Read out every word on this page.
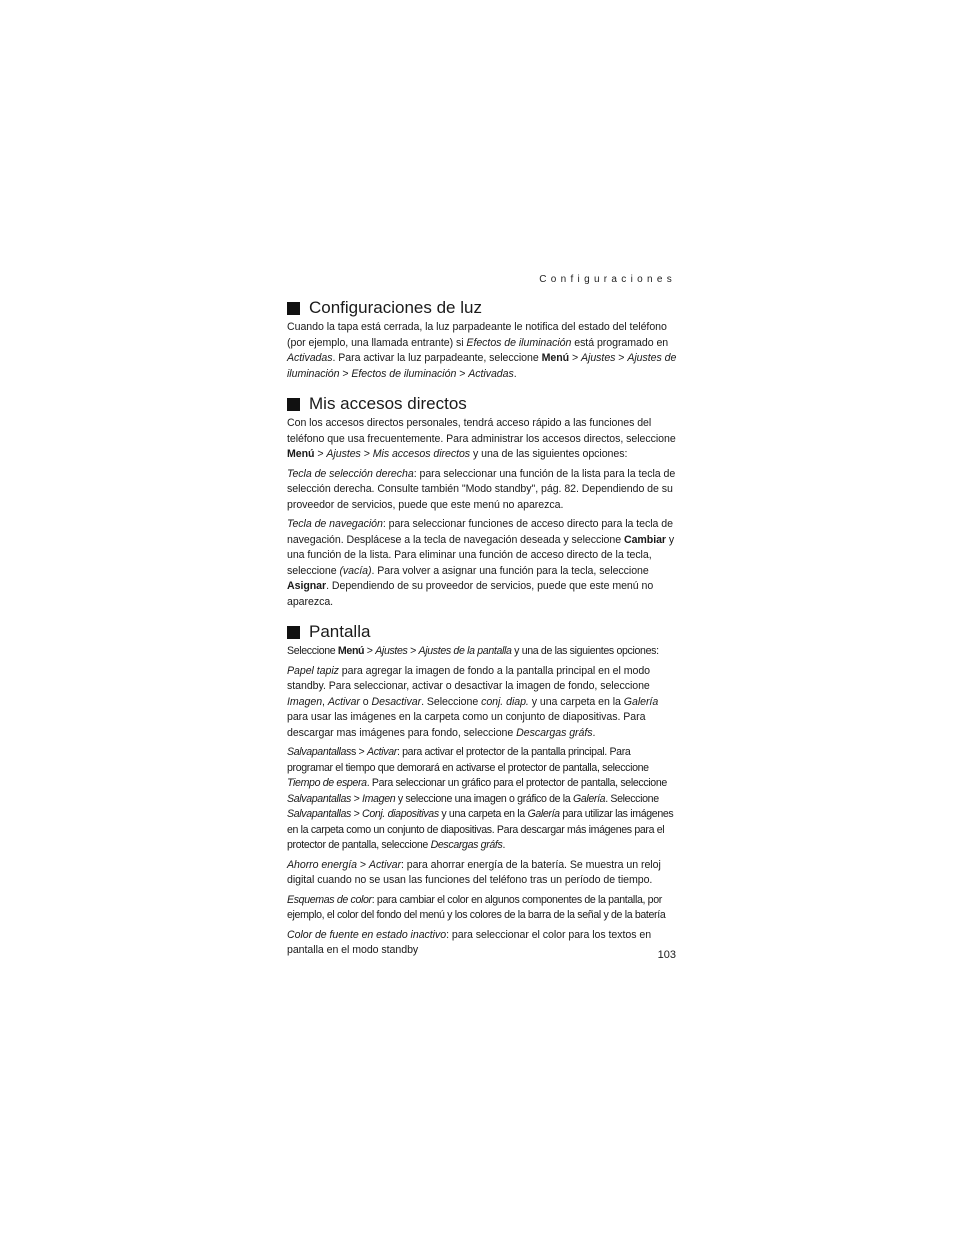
Configuraciones
Configuraciones de luz

Cuando la tapa está cerrada, la luz parpadeante le notifica del estado del teléfono (por ejemplo, una llamada entrante) si Efectos de iluminación está programado en Activadas. Para activar la luz parpadeante, seleccione Menú > Ajustes > Ajustes de iluminación > Efectos de iluminación > Activadas.

Mis accesos directos

Con los accesos directos personales, tendrá acceso rápido a las funciones del teléfono que usa frecuentemente. Para administrar los accesos directos, seleccione Menú > Ajustes > Mis accesos directos y una de las siguientes opciones:

Tecla de selección derecha: para seleccionar una función de la lista para la tecla de selección derecha. Consulte también "Modo standby", pág. 82. Dependiendo de su proveedor de servicios, puede que este menú no aparezca.

Tecla de navegación: para seleccionar funciones de acceso directo para la tecla de navegación. Desplácese a la tecla de navegación deseada y seleccione Cambiar y una función de la lista. Para eliminar una función de acceso directo de la tecla, seleccione (vacía). Para volver a asignar una función para la tecla, seleccione Asignar. Dependiendo de su proveedor de servicios, puede que este menú no aparezca.

Pantalla

Seleccione Menú > Ajustes > Ajustes de la pantalla y una de las siguientes opciones:

Papel tapiz para agregar la imagen de fondo a la pantalla principal en el modo standby. Para seleccionar, activar o desactivar la imagen de fondo, seleccione Imagen, Activar o Desactivar. Seleccione conj. diap. y una carpeta en la Galería para usar las imágenes en la carpeta como un conjunto de diapositivas. Para descargar mas imágenes para fondo, seleccione Descargas gráfs.

Salvapantallass > Activar: para activar el protector de la pantalla principal. Para programar el tiempo que demorará en activarse el protector de pantalla, seleccione Tiempo de espera. Para seleccionar un gráfico para el protector de pantalla, seleccione Salvapantallas > Imagen y seleccione una imagen o gráfico de la Galería. Seleccione Salvapantallas > Conj. diapositivas y una carpeta en la Galería para utilizar las imágenes en la carpeta como un conjunto de diapositivas. Para descargar más imágenes para el protector de pantalla, seleccione Descargas gráfs.

Ahorro energía > Activar: para ahorrar energía de la batería. Se muestra un reloj digital cuando no se usan las funciones del teléfono tras un período de tiempo.

Esquemas de color: para cambiar el color en algunos componentes de la pantalla, por ejemplo, el color del fondo del menú y los colores de la barra de la señal y de la batería

Color de fuente en estado inactivo: para seleccionar el color para los textos en pantalla en el modo standby	103
